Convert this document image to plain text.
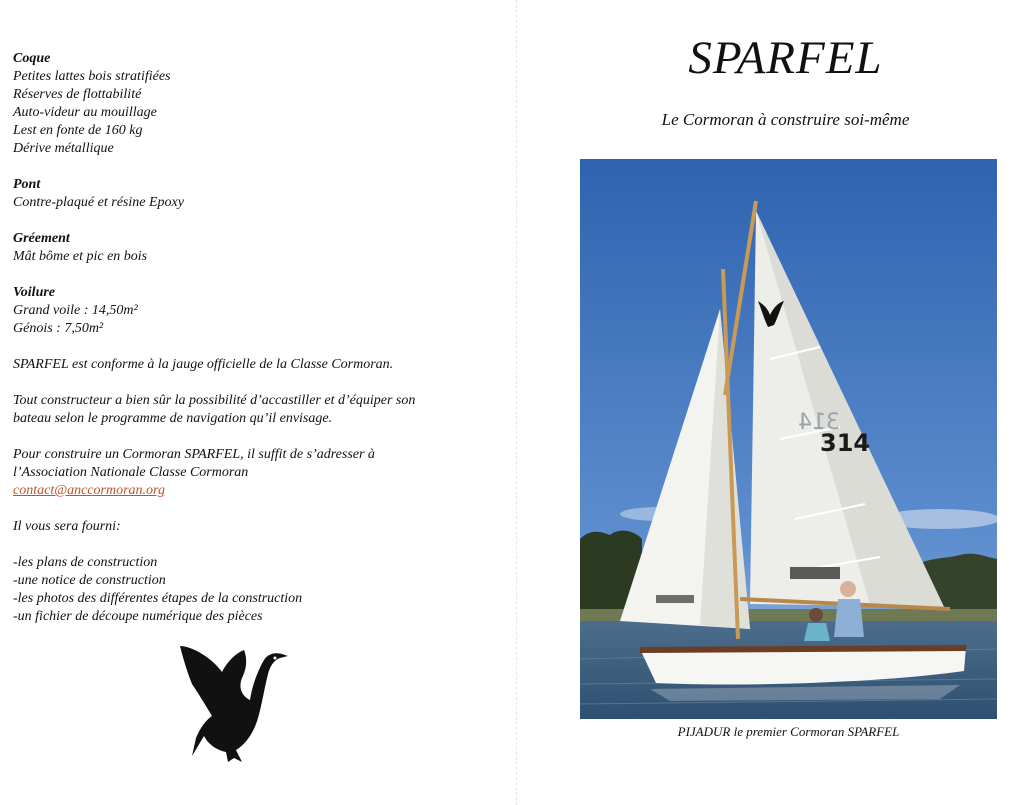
Coque

Petites lattes bois stratifiées

Réserves de flottabilité

Auto-videur au mouillage

Lest en fonte de 160 kg

Dérive métallique

Pont

Contre-plaqué et résine Epoxy

Gréement

Mât bôme et pic en bois

Voilure

Grand voile : 14,50m²

Génois : 7,50m²

SPARFEL est conforme à la jauge officielle de la Classe Cormoran.

Tout constructeur a bien sûr la possibilité d’accastiller et d’équiper son

bateau selon le programme de navigation qu’il envisage.

Pour construire un Cormoran SPARFEL, il suffit de s’adresser à

l’Association Nationale Classe Cormoran

contact@anccormoran.org

Il vous sera fourni:

-les plans de construction

-une notice de construction

-les photos des différentes étapes de la construction

-un fichier de découpe numérique des pièces

SPARFEL
Le Cormoran à construire soi-même
314
314
PIJADUR le premier Cormoran SPARFEL
